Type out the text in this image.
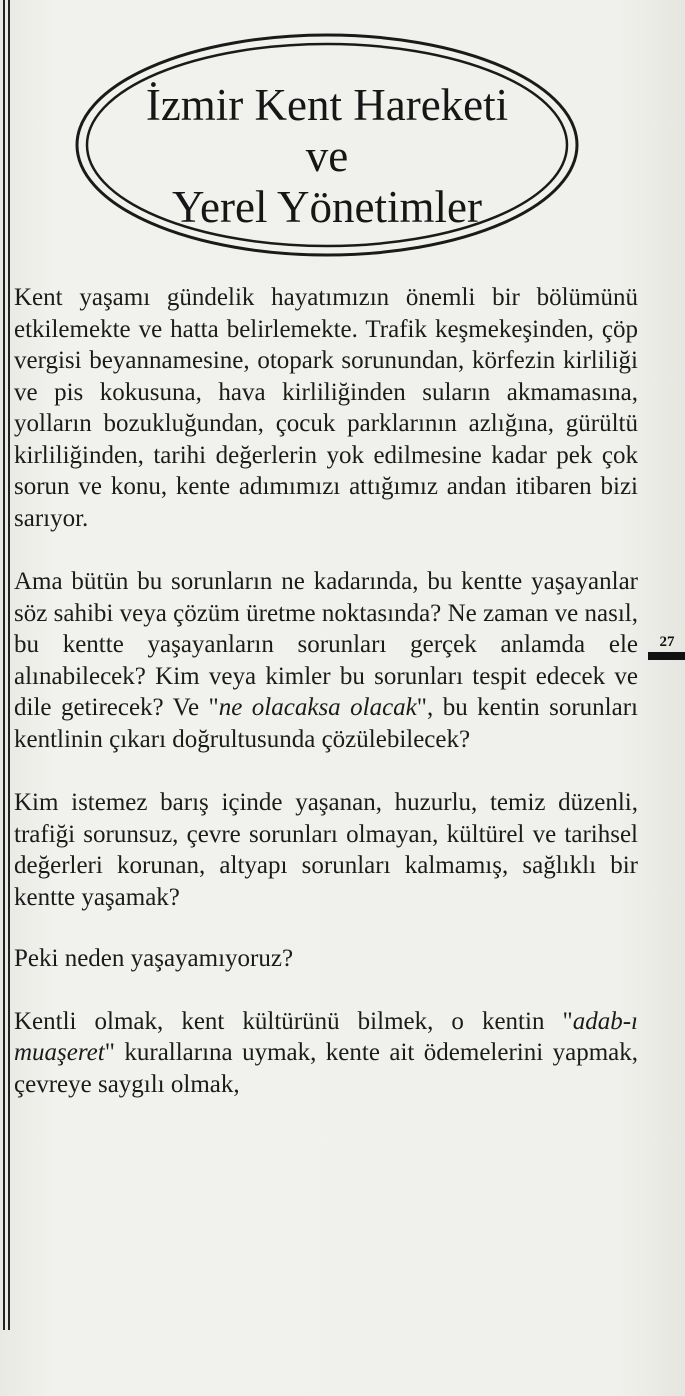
İzmir Kent Hareketi
ve
Yerel Yönetimler

Kent yaşamı gündelik hayatımızın önemli bir bölümünü etkilemekte ve hatta belirlemekte. Trafik keşmekeşinden, çöp vergisi beyannamesine, otopark sorunundan, körfezin kirliliği ve pis kokusuna, hava kirliliğinden suların akmamasına, yolların bozukluğundan, çocuk parklarının azlığına, gürültü kirliliğinden, tarihi değerlerin yok edilmesine kadar pek çok sorun ve konu, kente adımımızı attığımız andan itibaren bizi sarıyor.

Ama bütün bu sorunların ne kadarında, bu kentte yaşayanlar söz sahibi veya çözüm üretme noktasında? Ne zaman ve nasıl, bu kentte yaşayanların sorunları gerçek anlamda ele alınabilecek? Kim veya kimler bu sorunları tespit edecek ve dile getirecek? Ve "ne olacaksa olacak", bu kentin sorunları kentlinin çıkarı doğrultusunda çözülebilecek?

Kim istemez barış içinde yaşanan, huzurlu, temiz düzenli, trafiği sorunsuz, çevre sorunları olmayan, kültürel ve tarihsel değerleri korunan, altyapı sorunları kalmamış, sağlıklı bir kentte yaşamak?

Peki neden yaşayamıyoruz?

Kentli olmak, kent kültürünü bilmek, o kentin "adab-ı muaşeret" kurallarına uymak, kente ait ödemelerini yapmak, çevreye saygılı olmak,

27
